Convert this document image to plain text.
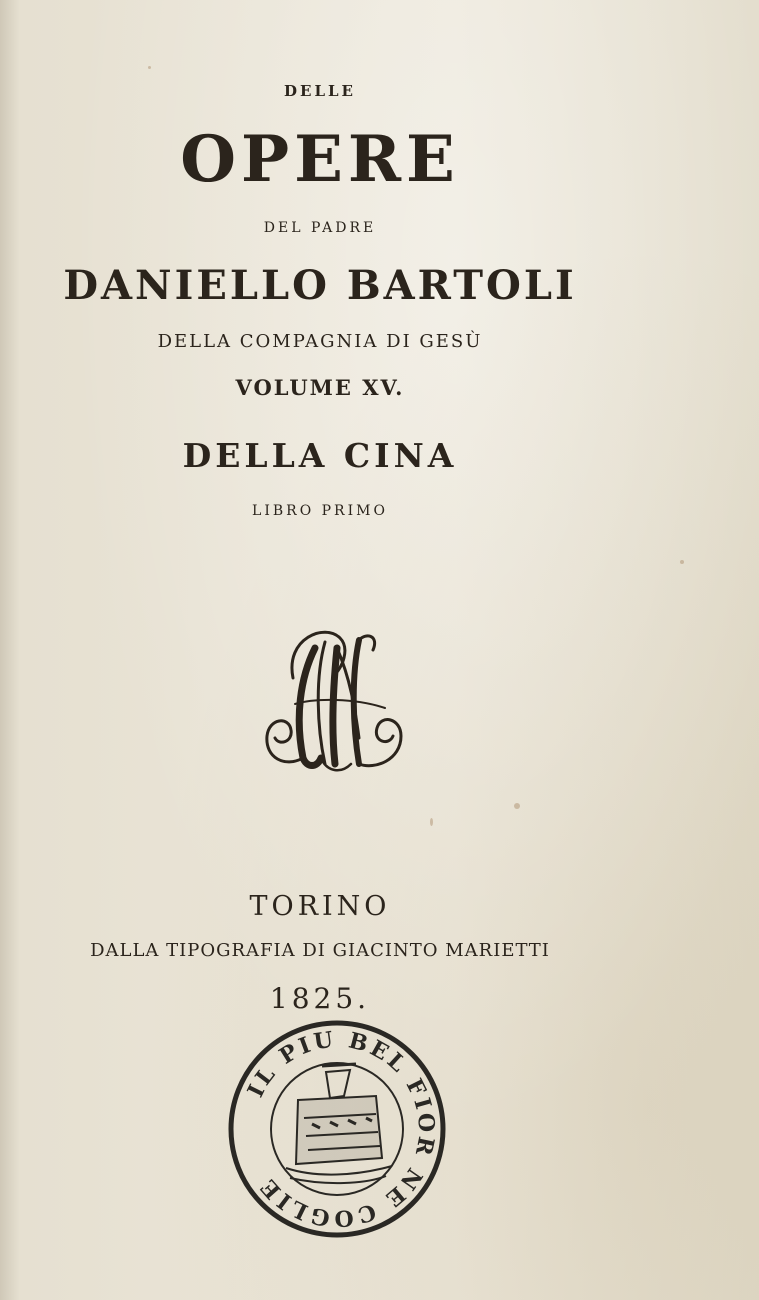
DELLE
OPERE
DEL PADRE
DANIELLO BARTOLI
DELLA COMPAGNIA DI GESÙ
VOLUME XV.
DELLA CINA
LIBRO PRIMO
TORINO
DALLA TIPOGRAFIA DI GIACINTO MARIETTI
1825.
IL PIU BEL FIOR NE COGLIE
